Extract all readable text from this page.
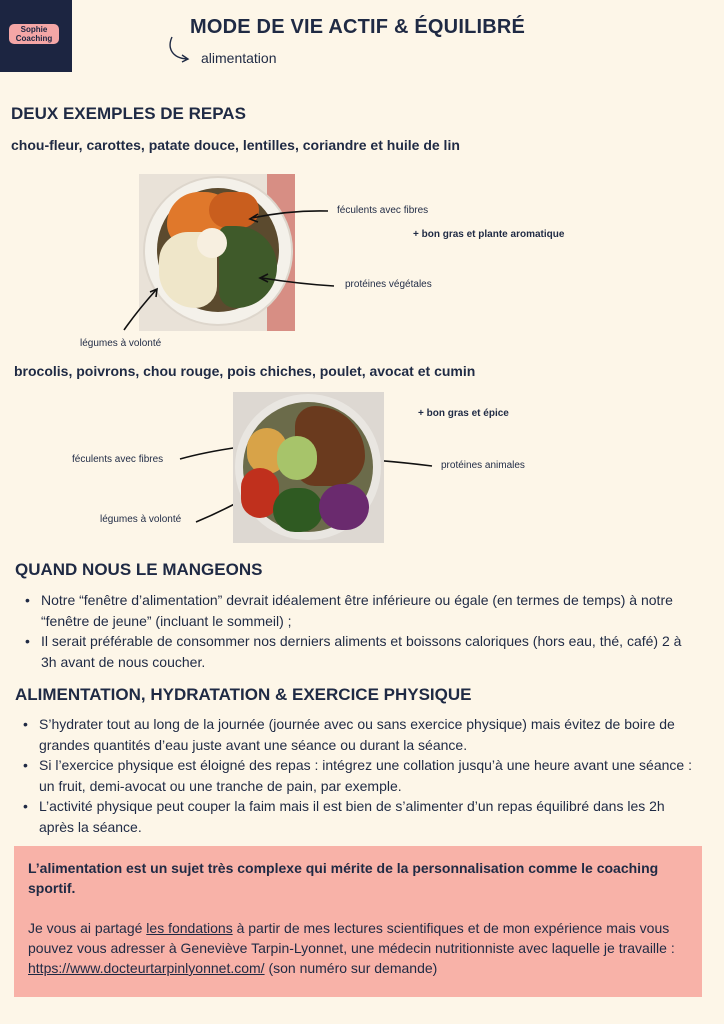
Sophie
Coaching	MODE DE VIE ACTIF & ÉQUILIBRÉ
alimentation
DEUX EXEMPLES DE REPAS
chou-fleur, carottes, patate douce, lentilles, coriandre et huile de lin
féculents avec fibres
+ bon gras et plante aromatique
protéines végétales
légumes à volonté
brocolis, poivrons, chou rouge, pois chiches, poulet, avocat et cumin
+ bon gras et épice
féculents avec fibres
protéines animales
légumes à volonté
QUAND NOUS LE MANGEONS
• Notre “fenêtre d’alimentation” devrait idéalement être inférieure ou égale (en termes de temps) à notre “fenêtre de jeune” (incluant le sommeil) ;
• Il serait préférable de consommer nos derniers aliments et boissons caloriques (hors eau, thé, café) 2 à 3h avant de nous coucher.
ALIMENTATION, HYDRATATION & EXERCICE PHYSIQUE
• S’hydrater tout au long de la journée (journée avec ou sans exercice physique) mais évitez de boire de grandes quantités d’eau juste avant une séance ou durant la séance.
• Si l’exercice physique est éloigné des repas : intégrez une collation jusqu’à une heure avant une séance : un fruit, demi-avocat ou une tranche de pain, par exemple.
• L’activité physique peut couper la faim mais il est bien de s’alimenter d’un repas équilibré dans les 2h après la séance.

L’alimentation est un sujet très complexe qui mérite de la personnalisation comme le coaching sportif.

Je vous ai partagé les fondations à partir de mes lectures scientifiques et de mon expérience mais vous pouvez vous adresser à Geneviève Tarpin-Lyonnet, une médecin nutritionniste avec laquelle je travaille : https://www.docteurtarpinlyonnet.com/ (son numéro sur demande)
